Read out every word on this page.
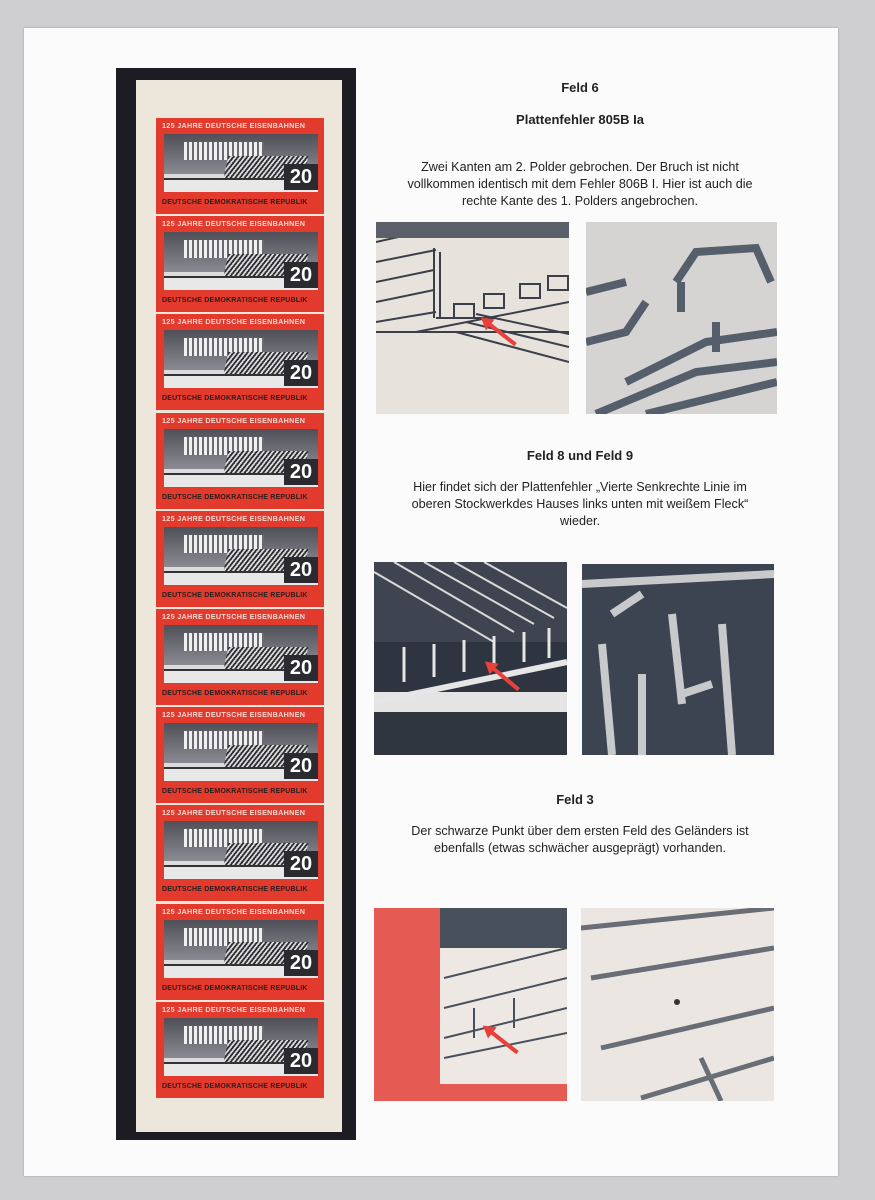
125 JAHRE DEUTSCHE EISENBAHNEN
20
DEUTSCHE DEMOKRATISCHE REPUBLIK
125 JAHRE DEUTSCHE EISENBAHNEN
20
DEUTSCHE DEMOKRATISCHE REPUBLIK
125 JAHRE DEUTSCHE EISENBAHNEN
20
DEUTSCHE DEMOKRATISCHE REPUBLIK
125 JAHRE DEUTSCHE EISENBAHNEN
20
DEUTSCHE DEMOKRATISCHE REPUBLIK
125 JAHRE DEUTSCHE EISENBAHNEN
20
DEUTSCHE DEMOKRATISCHE REPUBLIK
125 JAHRE DEUTSCHE EISENBAHNEN
20
DEUTSCHE DEMOKRATISCHE REPUBLIK
125 JAHRE DEUTSCHE EISENBAHNEN
20
DEUTSCHE DEMOKRATISCHE REPUBLIK
125 JAHRE DEUTSCHE EISENBAHNEN
20
DEUTSCHE DEMOKRATISCHE REPUBLIK
125 JAHRE DEUTSCHE EISENBAHNEN
20
DEUTSCHE DEMOKRATISCHE REPUBLIK
125 JAHRE DEUTSCHE EISENBAHNEN
20
DEUTSCHE DEMOKRATISCHE REPUBLIK
Feld 6
Plattenfehler 805B Ia
Zwei Kanten am 2. Polder gebrochen. Der Bruch ist nicht
vollkommen identisch mit dem Fehler 806B I. Hier ist auch die
rechte Kante des 1. Polders angebrochen.
Feld 8 und Feld 9
Hier findet sich der Plattenfehler „Vierte Senkrechte Linie im
oberen Stockwerkdes Hauses links unten mit weißem Fleck“
wieder.
Feld 3
Der schwarze Punkt über dem ersten Feld des Geländers ist
ebenfalls (etwas schwächer ausgeprägt) vorhanden.
